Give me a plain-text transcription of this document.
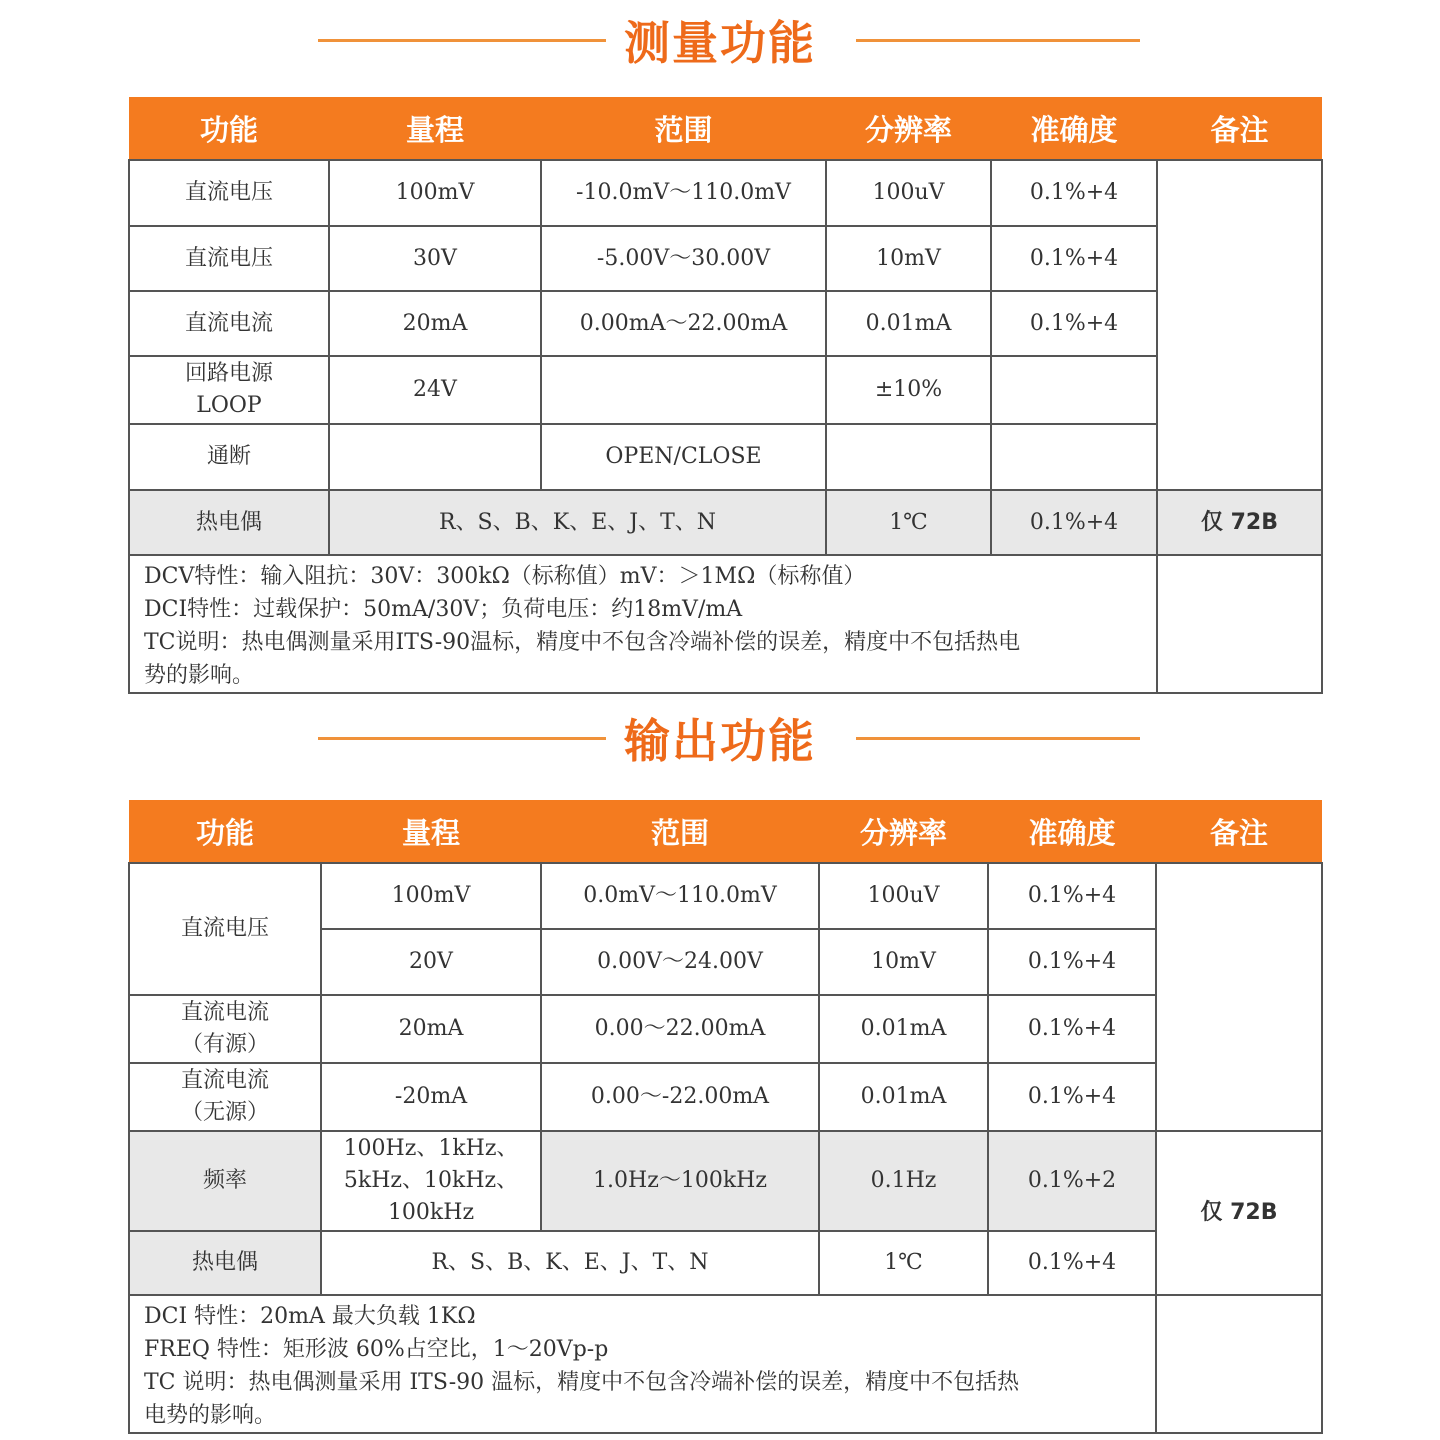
测量功能
功能	量程	范围	分辨率	准确度	备注
直流电压	100mV	-10.0mV～110.0mV	100uV	0.1%+4	
直流电压	30V	-5.00V～30.00V	10mV	0.1%+4	
直流电流	20mA	0.00mA～22.00mA	0.01mA	0.1%+4	

回路电源
LOOP	24V		±10%		
通断		OPEN/CLOSE			
热电偶	R、S、B、K、E、J、T、N		1℃	0.1%+4	仅 72B

DCV特性：输入阻抗：30V：300kΩ（标称值）mV：＞1MΩ（标称值）
DCI特性：过载保护：50mA/30V；负荷电压：约18mV/mA
TC说明：热电偶测量采用ITS-90温标，精度中不包含冷端补偿的误差，精度中不包括热电
势的影响。					

输出功能
功能	量程	范围	分辨率	准确度	备注
直流电压	100mV	0.0mV～110.0mV	100uV	0.1%+4	
	20V	0.00V～24.00V	10mV	0.1%+4	

直流电流
（有源）	20mA	0.00～22.00mA	0.01mA	0.1%+4	

直流电流
（无源）	-20mA	0.00～-22.00mA	0.01mA	0.1%+4	
频率	100Hz、1kHz、
5kHz、10kHz、
100kHz	1.0Hz～100kHz	0.1Hz	0.1%+2	仅 72B
热电偶	R、S、B、K、E、J、T、N		1℃	0.1%+4	

DCI 特性：20mA 最大负载 1KΩ
FREQ 特性：矩形波 60%占空比，1～20Vp-p
TC 说明：热电偶测量采用 ITS-90 温标，精度中不包含冷端补偿的误差，精度中不包括热
电势的影响。					
